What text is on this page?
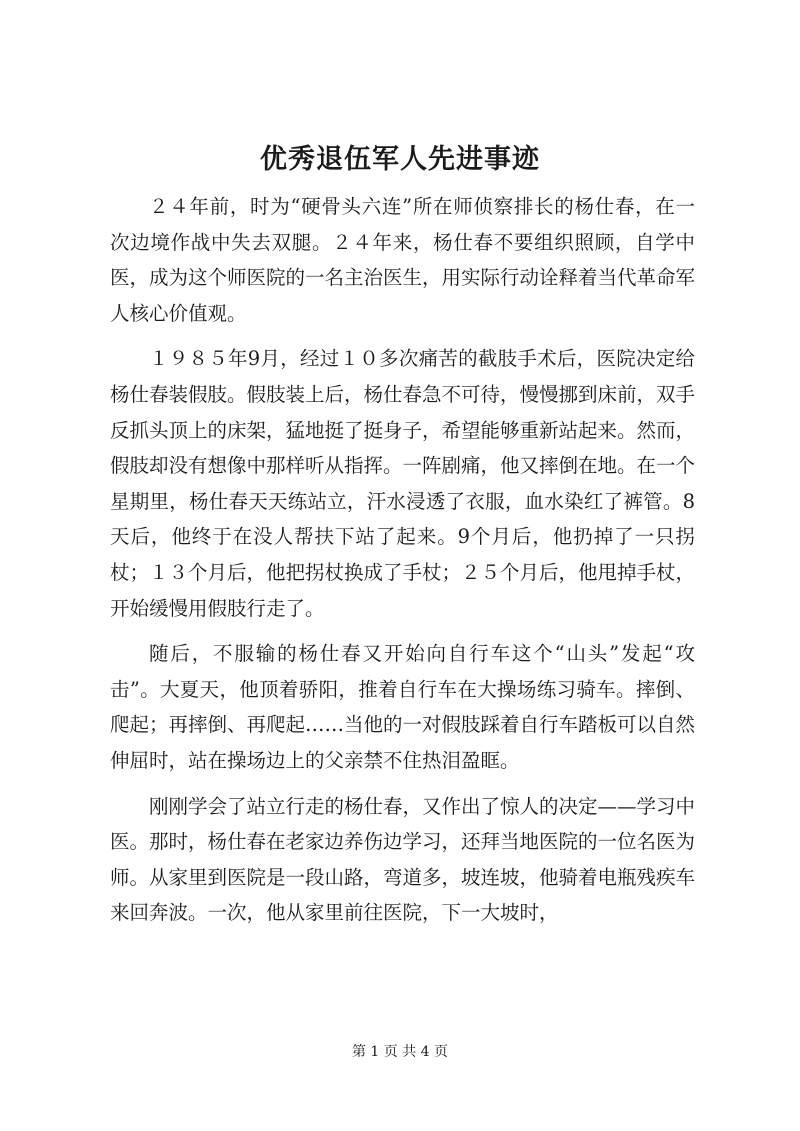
优秀退伍军人先进事迹

２４年前，时为“硬骨头六连”所在师侦察排长的杨仕春，在一次边境作战中失去双腿。２４年来，杨仕春不要组织照顾，自学中医，成为这个师医院的一名主治医生，用实际行动诠释着当代革命军人核心价值观。

１９８５年9月，经过１０多次痛苦的截肢手术后，医院决定给杨仕春装假肢。假肢装上后，杨仕春急不可待，慢慢挪到床前，双手反抓头顶上的床架，猛地挺了挺身子，希望能够重新站起来。然而，假肢却没有想像中那样听从指挥。一阵剧痛，他又摔倒在地。在一个星期里，杨仕春天天练站立，汗水浸透了衣服，血水染红了裤管。8天后，他终于在没人帮扶下站了起来。9个月后，他扔掉了一只拐杖；１３个月后，他把拐杖换成了手杖；２５个月后，他甩掉手杖，开始缓慢用假肢行走了。

随后，不服输的杨仕春又开始向自行车这个“山头”发起“攻击”。大夏天，他顶着骄阳，推着自行车在大操场练习骑车。摔倒、爬起；再摔倒、再爬起……当他的一对假肢踩着自行车踏板可以自然伸屈时，站在操场边上的父亲禁不住热泪盈眶。

刚刚学会了站立行走的杨仕春，又作出了惊人的决定——学习中医。那时，杨仕春在老家边养伤边学习，还拜当地医院的一位名医为师。从家里到医院是一段山路，弯道多，坡连坡，他骑着电瓶残疾车来回奔波。一次，他从家里前往医院，下一大坡时，

第 1 页 共 4 页
